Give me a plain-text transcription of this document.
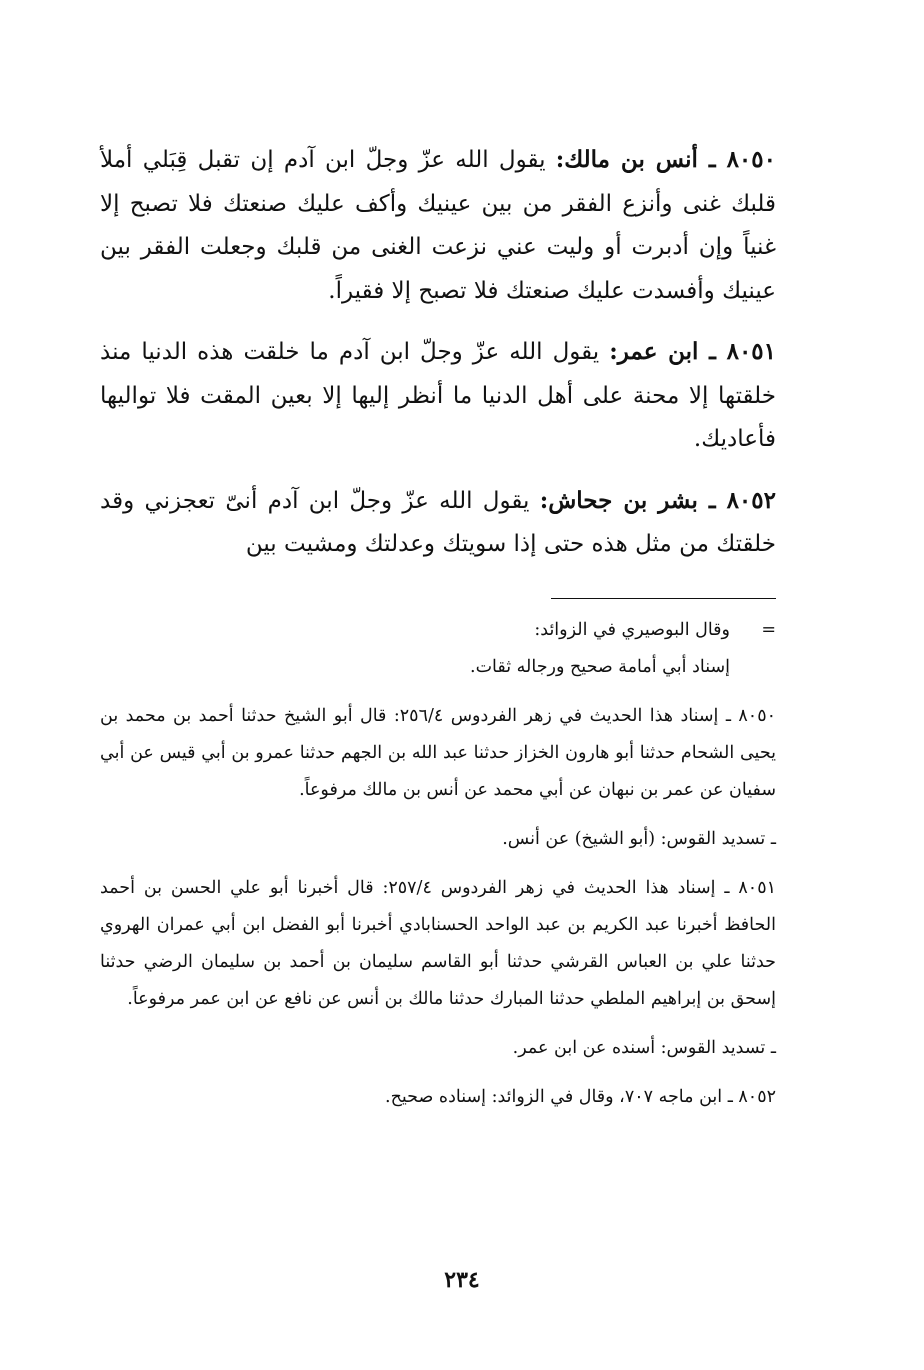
٨٠٥٠ ـ أنس بن مالك: يقول الله عزّ وجلّ ابن آدم إن تقبل قِبَلي أملأ قلبك غنى وأنزع الفقر من بين عينيك وأكف عليك صنعتك فلا تصبح إلا غنياً وإن أدبرت أو وليت عني نزعت الغنى من قلبك وجعلت الفقر بين عينيك وأفسدت عليك صنعتك فلا تصبح إلا فقيراً.

٨٠٥١ ـ ابن عمر: يقول الله عزّ وجلّ ابن آدم ما خلقت هذه الدنيا منذ خلقتها إلا محنة على أهل الدنيا ما أنظر إليها إلا بعين المقت فلا تواليها فأعاديك.

٨٠٥٢ ـ بشر بن جحاش: يقول الله عزّ وجلّ ابن آدم أنىّ تعجزني وقد خلقتك من مثل هذه حتى إذا سويتك وعدلتك ومشيت بين

=وقال البوصيري في الزوائد:
إسناد أبي أمامة صحيح ورجاله ثقات.

٨٠٥٠ ـ إسناد هذا الحديث في زهر الفردوس ٢٥٦/٤: قال أبو الشيخ حدثنا أحمد بن محمد بن يحيى الشحام حدثنا أبو هارون الخزاز حدثنا عبد الله بن الجهم حدثنا عمرو بن أبي قيس عن أبي سفيان عن عمر بن نبهان عن أبي محمد عن أنس بن مالك مرفوعاً.

ـ تسديد القوس: (أبو الشيخ) عن أنس.

٨٠٥١ ـ إسناد هذا الحديث في زهر الفردوس ٢٥٧/٤: قال أخبرنا أبو علي الحسن بن أحمد الحافظ أخبرنا عبد الكريم بن عبد الواحد الحسنابادي أخبرنا أبو الفضل ابن أبي عمران الهروي حدثنا علي بن العباس القرشي حدثنا أبو القاسم سليمان بن أحمد بن سليمان الرضي حدثنا إسحق بن إبراهيم الملطي حدثنا المبارك حدثنا مالك بن أنس عن نافع عن ابن عمر مرفوعاً.

ـ تسديد القوس: أسنده عن ابن عمر.

٨٠٥٢ ـ ابن ماجه ٧٠٧، وقال في الزوائد: إسناده صحيح.

٢٣٤
